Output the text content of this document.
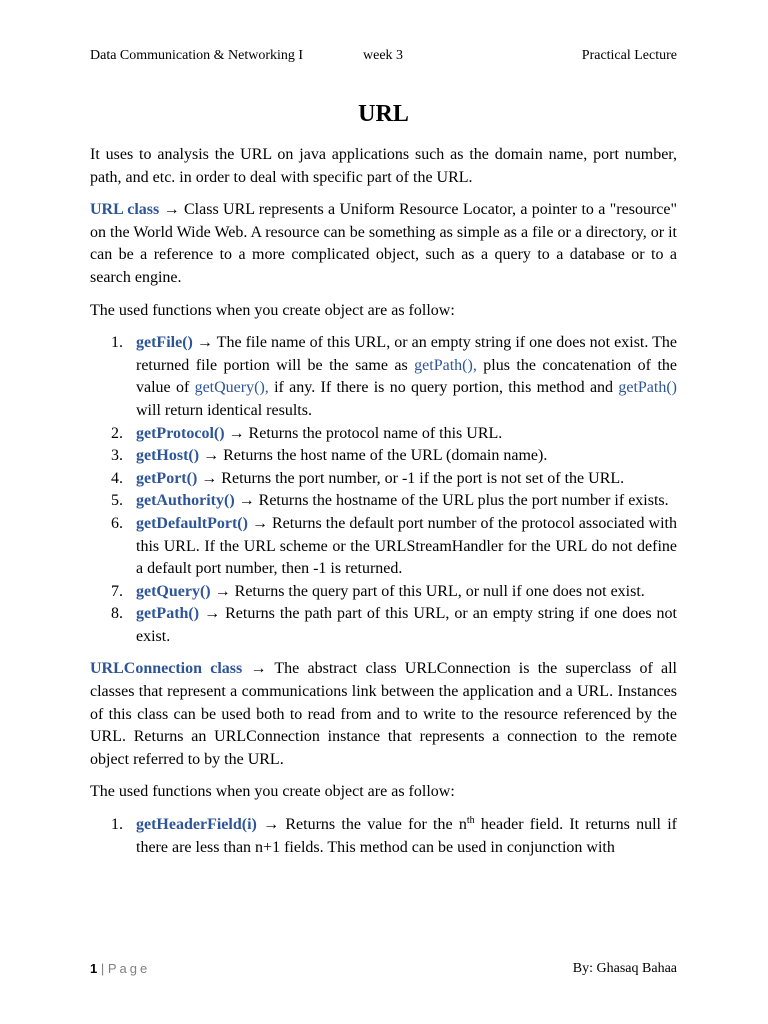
Data Communication & Networking I	week 3	Practical Lecture
URL

It uses to analysis the URL on java applications such as the domain name, port number, path, and etc. in order to deal with specific part of the URL.

URL class → Class URL represents a Uniform Resource Locator, a pointer to a "resource" on the World Wide Web. A resource can be something as simple as a file or a directory, or it can be a reference to a more complicated object, such as a query to a database or to a search engine.

The used functions when you create object are as follow:

1. getFile() → The file name of this URL, or an empty string if one does not exist. The returned file portion will be the same as getPath(), plus the concatenation of the value of getQuery(), if any. If there is no query portion, this method and getPath() will return identical results.
2. getProtocol() → Returns the protocol name of this URL.
3. getHost() → Returns the host name of the URL (domain name).
4. getPort() → Returns the port number, or -1 if the port is not set of the URL.
5. getAuthority() → Returns the hostname of the URL plus the port number if exists.
6. getDefaultPort() → Returns the default port number of the protocol associated with this URL. If the URL scheme or the URLStreamHandler for the URL do not define a default port number, then -1 is returned.
7. getQuery() → Returns the query part of this URL, or null if one does not exist.
8. getPath() → Returns the path part of this URL, or an empty string if one does not exist.

URLConnection class → The abstract class URLConnection is the superclass of all classes that represent a communications link between the application and a URL. Instances of this class can be used both to read from and to write to the resource referenced by the URL. Returns an URLConnection instance that represents a connection to the remote object referred to by the URL.

The used functions when you create object are as follow:

1. getHeaderField(i) → Returns the value for the $n^{th}$ header field. It returns null if there are less than n+1 fields. This method can be used in conjunction with
1 | Page	By: Ghasaq Bahaa
